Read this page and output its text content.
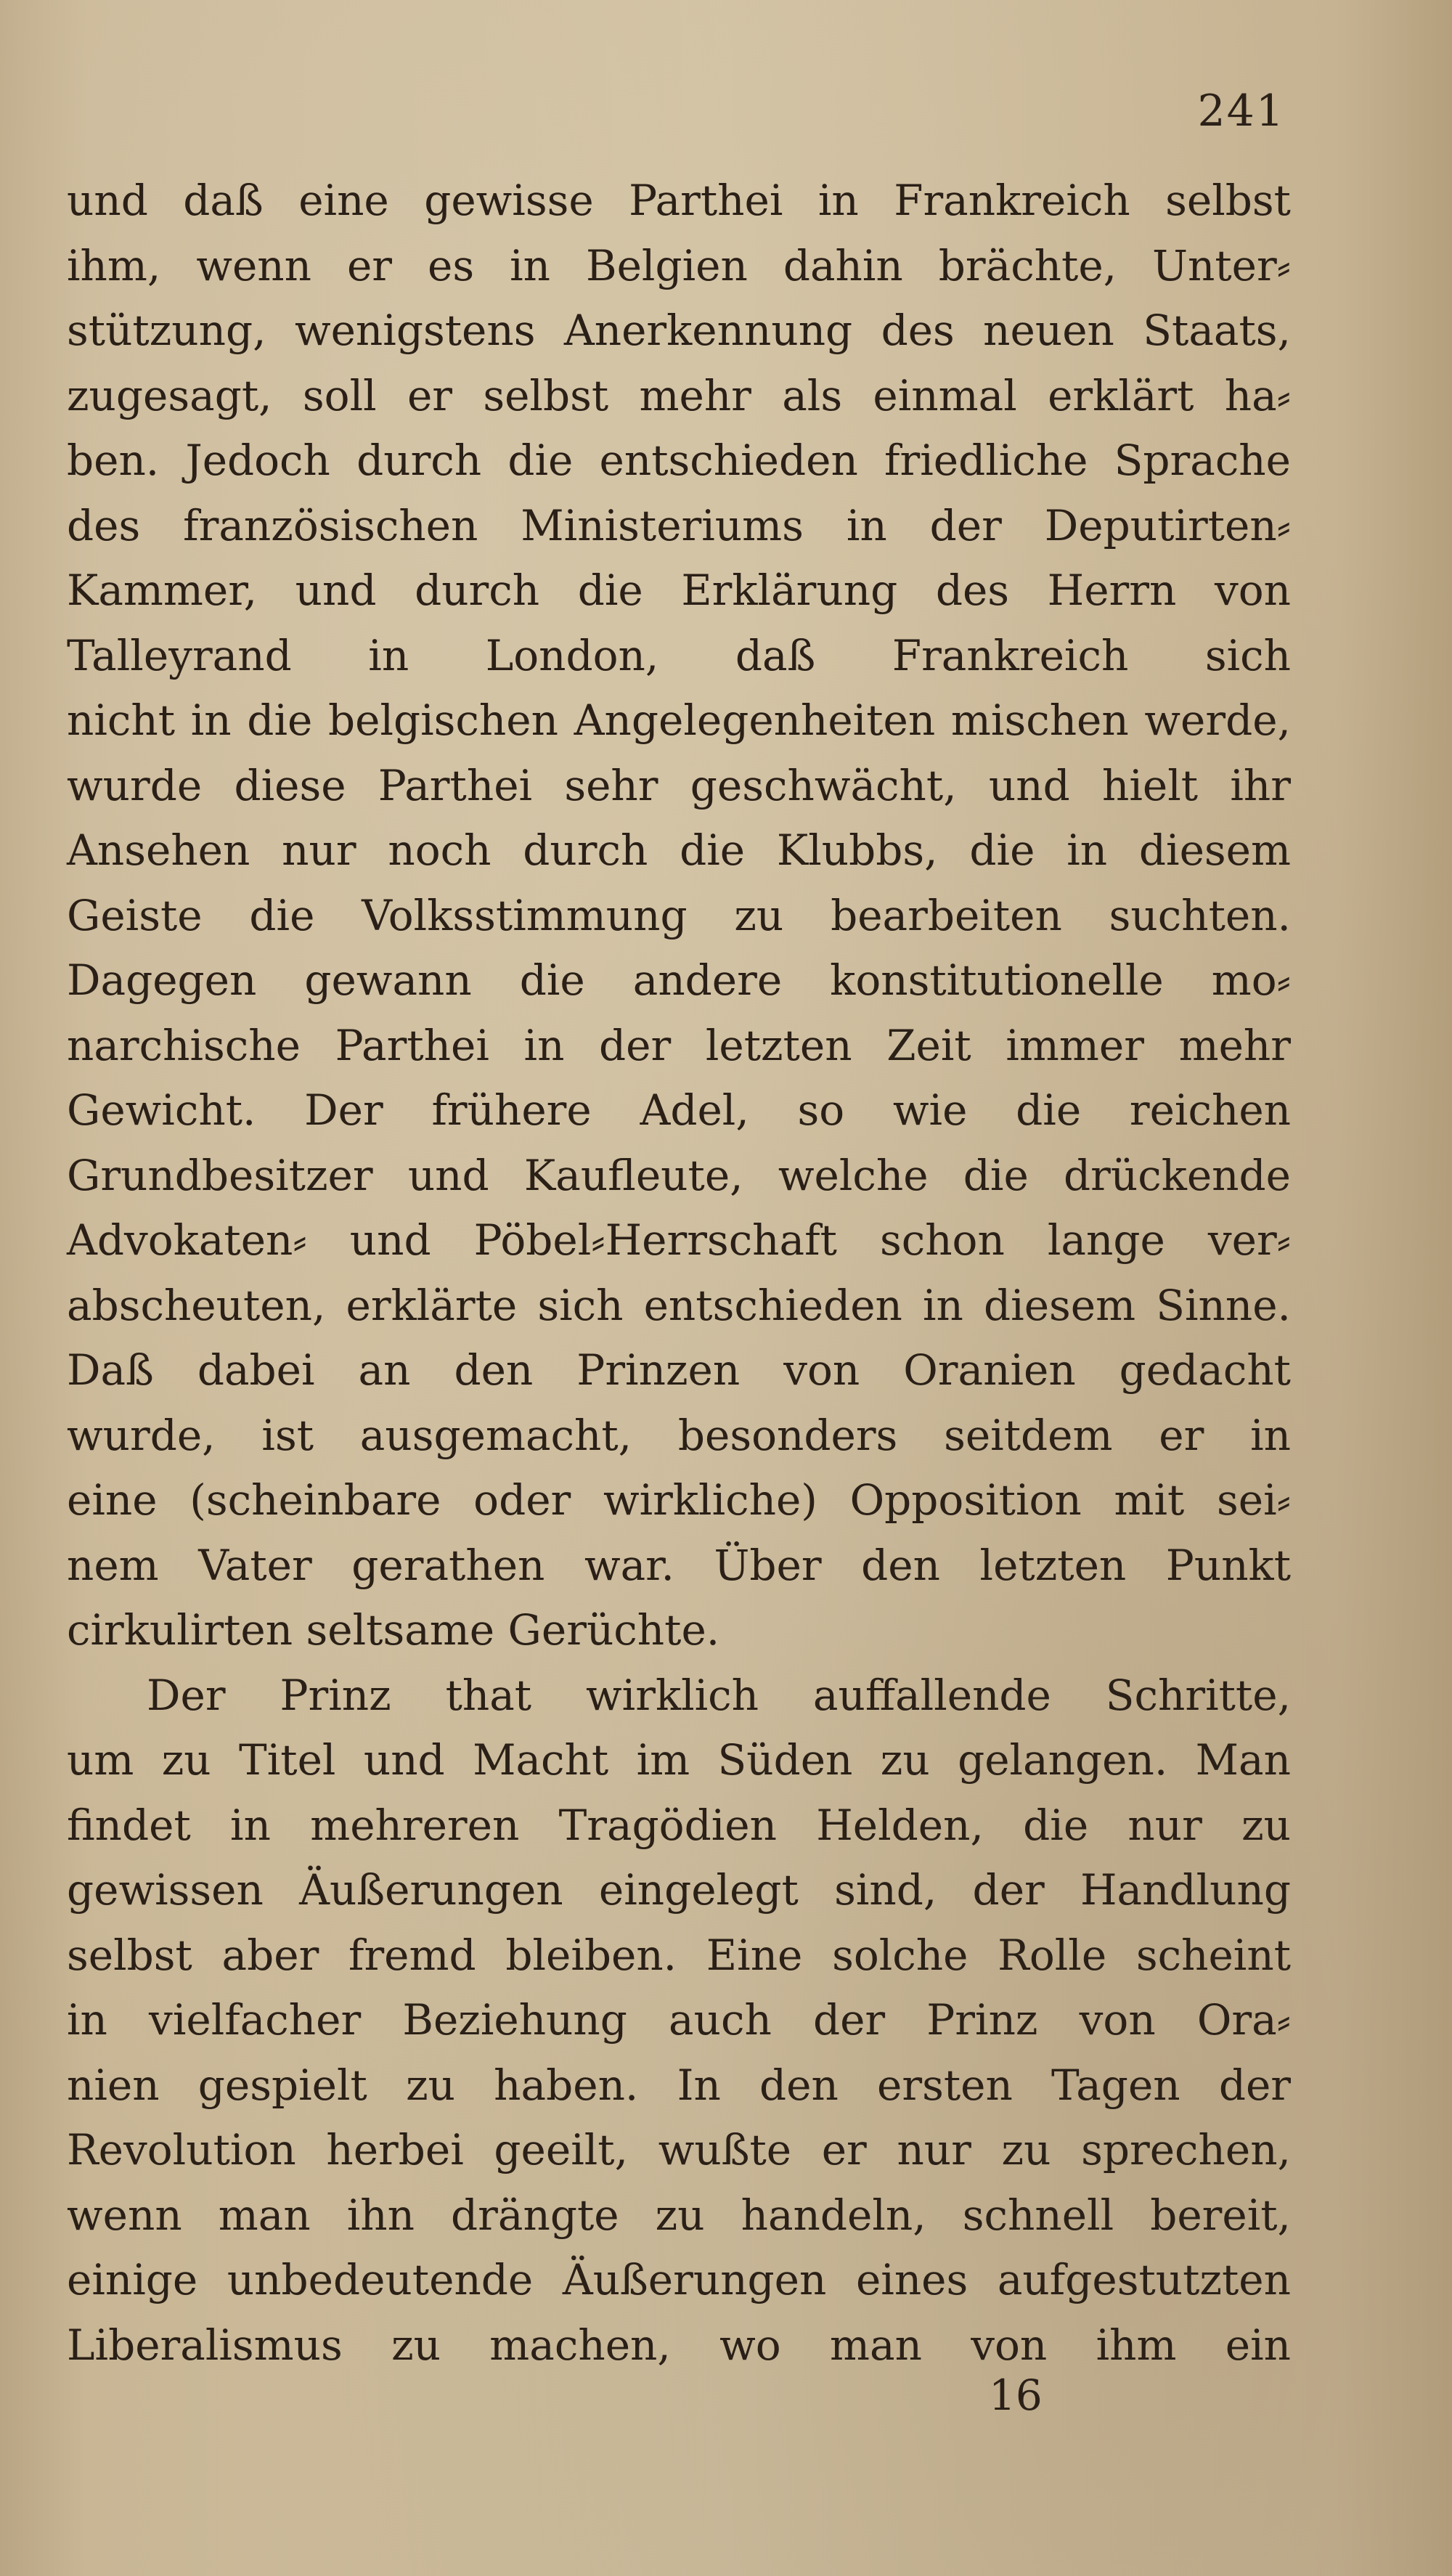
241
und daß eine gewisse Parthei in Frankreich selbst
ihm, wenn er es in Belgien dahin brächte, Unter⸗
stützung, wenigstens Anerkennung des neuen Staats,
zugesagt, soll er selbst mehr als einmal erklärt ha⸗
ben. Jedoch durch die entschieden friedliche Sprache
des französischen Ministeriums in der Deputirten⸗
Kammer, und durch die Erklärung des Herrn von
Talleyrand in London, daß Frankreich sich
nicht in die belgischen Angelegenheiten mischen werde,
wurde diese Parthei sehr geschwächt, und hielt ihr
Ansehen nur noch durch die Klubbs, die in diesem
Geiste die Volksstimmung zu bearbeiten suchten.
Dagegen gewann die andere konstitutionelle mo⸗
narchische Parthei in der letzten Zeit immer mehr
Gewicht. Der frühere Adel, so wie die reichen
Grundbesitzer und Kaufleute, welche die drückende
Advokaten⸗ und Pöbel⸗Herrschaft schon lange ver⸗
abscheuten, erklärte sich entschieden in diesem Sinne.
Daß dabei an den Prinzen von Oranien gedacht
wurde, ist ausgemacht, besonders seitdem er in
eine (scheinbare oder wirkliche) Opposition mit sei⸗
nem Vater gerathen war. Über den letzten Punkt
cirkulirten seltsame Gerüchte.
Der Prinz that wirklich auffallende Schritte,
um zu Titel und Macht im Süden zu gelangen. Man
findet in mehreren Tragödien Helden, die nur zu
gewissen Äußerungen eingelegt sind, der Handlung
selbst aber fremd bleiben. Eine solche Rolle scheint
in vielfacher Beziehung auch der Prinz von Ora⸗
nien gespielt zu haben. In den ersten Tagen der
Revolution herbei geeilt, wußte er nur zu sprechen,
wenn man ihn drängte zu handeln, schnell bereit,
einige unbedeutende Äußerungen eines aufgestutzten
Liberalismus zu machen, wo man von ihm ein
16
